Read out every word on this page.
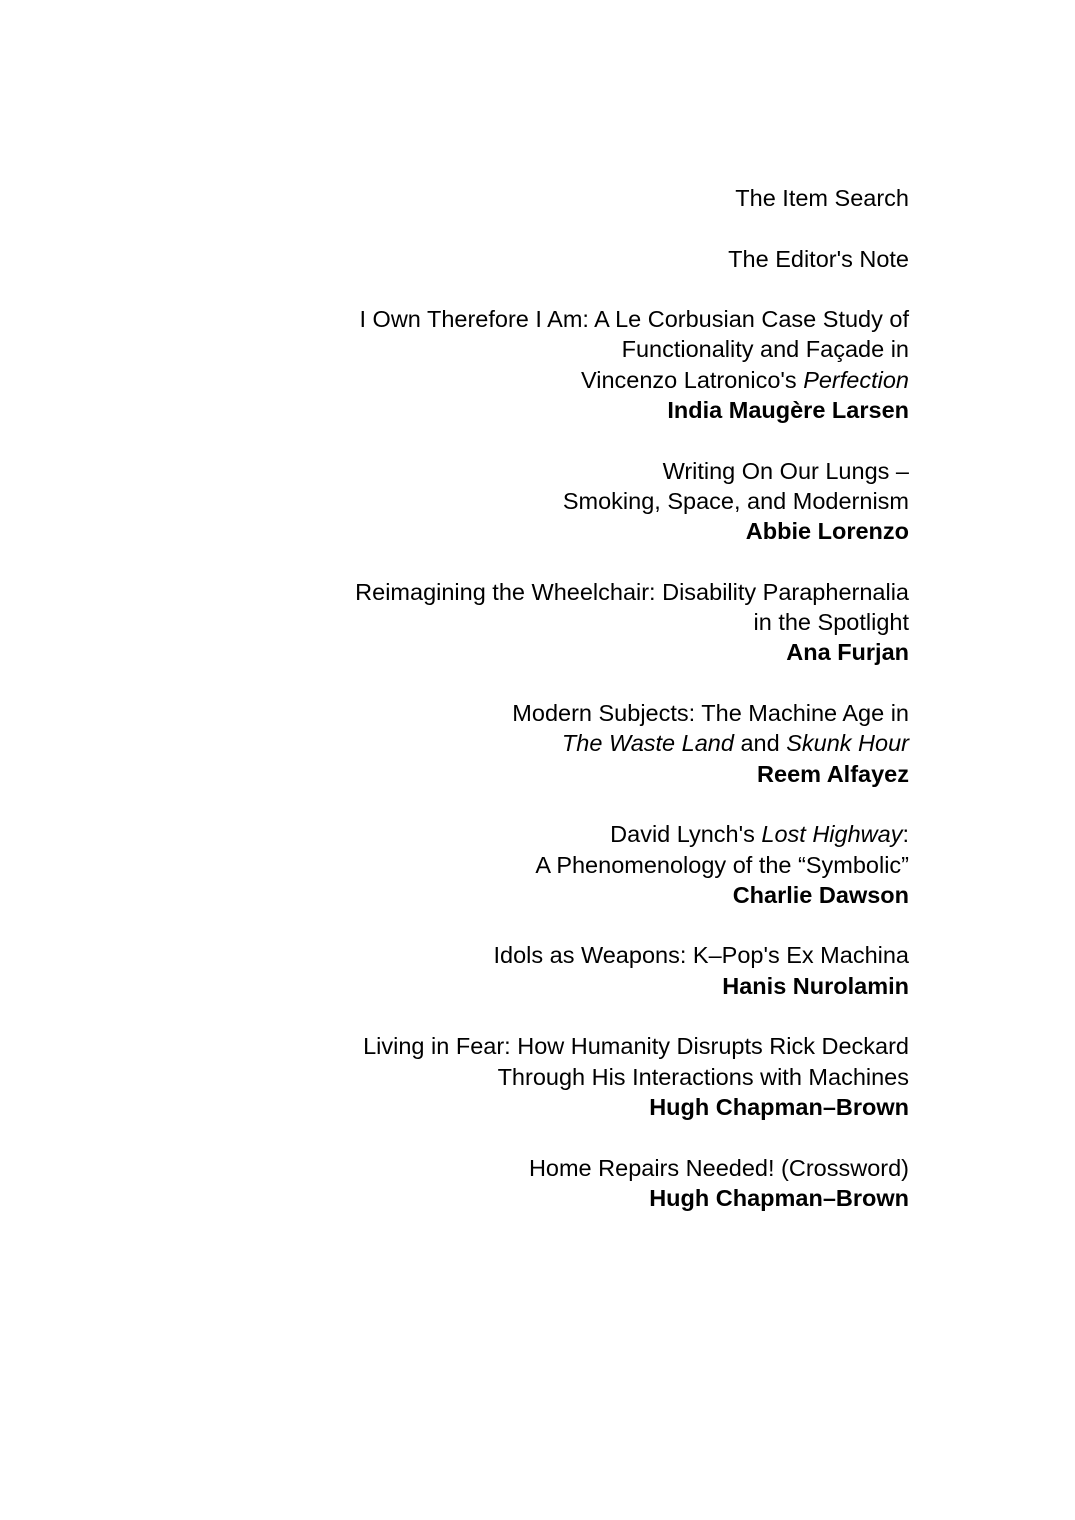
The Item Search
The Editor's Note
I Own Therefore I Am: A Le Corbusian Case Study of
Functionality and Façade in
Vincenzo Latronico's Perfection
India Maugère Larsen
Writing On Our Lungs –
Smoking, Space, and Modernism
Abbie Lorenzo
Reimagining the Wheelchair: Disability Paraphernalia
in the Spotlight
Ana Furjan
Modern Subjects: The Machine Age in
The Waste Land and Skunk Hour
Reem Alfayez
David Lynch's Lost Highway:
A Phenomenology of the “Symbolic”
Charlie Dawson
Idols as Weapons: K–Pop's Ex Machina
Hanis Nurolamin
Living in Fear: How Humanity Disrupts Rick Deckard
Through His Interactions with Machines
Hugh Chapman–Brown
Home Repairs Needed! (Crossword)
Hugh Chapman–Brown
